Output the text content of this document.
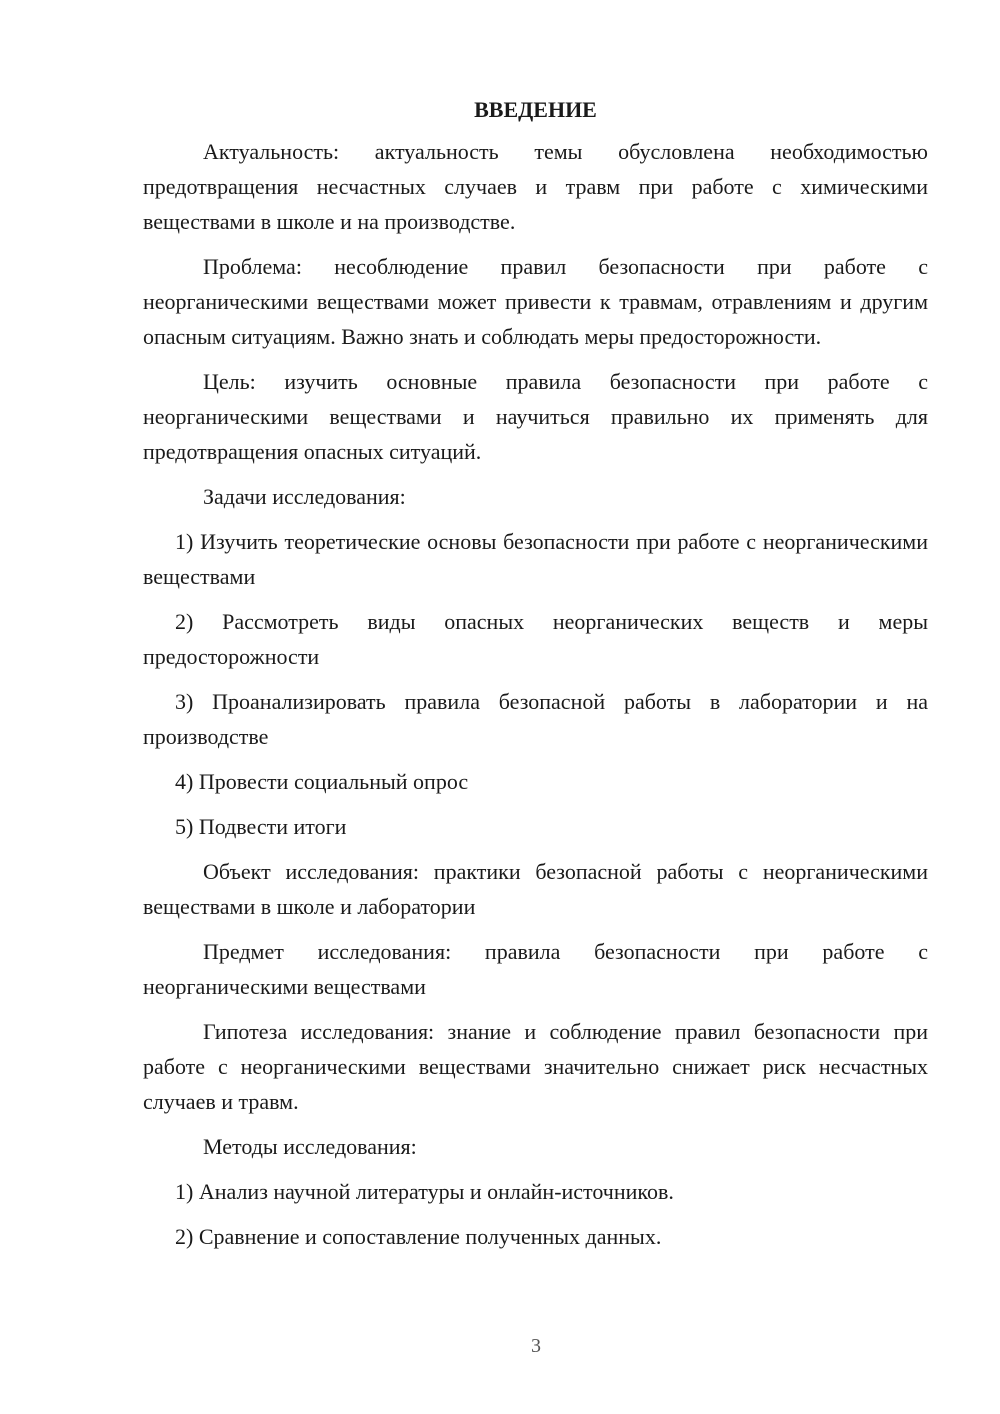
ВВЕДЕНИЕ

Актуальность: актуальность темы обусловлена необходимостью предотвращения несчастных случаев и травм при работе с химическими веществами в школе и на производстве.

Проблема: несоблюдение правил безопасности при работе с неорганическими веществами может привести к травмам, отравлениям и другим опасным ситуациям. Важно знать и соблюдать меры предосторожности.

Цель: изучить основные правила безопасности при работе с неорганическими веществами и научиться правильно их применять для предотвращения опасных ситуаций.

Задачи исследования:

1) Изучить теоретические основы безопасности при работе с неорганическими веществами

2) Рассмотреть виды опасных неорганических веществ и меры предосторожности

3) Проанализировать правила безопасной работы в лаборатории и на производстве

4) Провести социальный опрос

5) Подвести итоги

Объект исследования: практики безопасной работы с неорганическими веществами в школе и лаборатории

Предмет исследования: правила безопасности при работе с неорганическими веществами

Гипотеза исследования: знание и соблюдение правил безопасности при работе с неорганическими веществами значительно снижает риск несчастных случаев и травм.

Методы исследования:

1) Анализ научной литературы и онлайн-источников.

2) Сравнение и сопоставление полученных данных.

3
